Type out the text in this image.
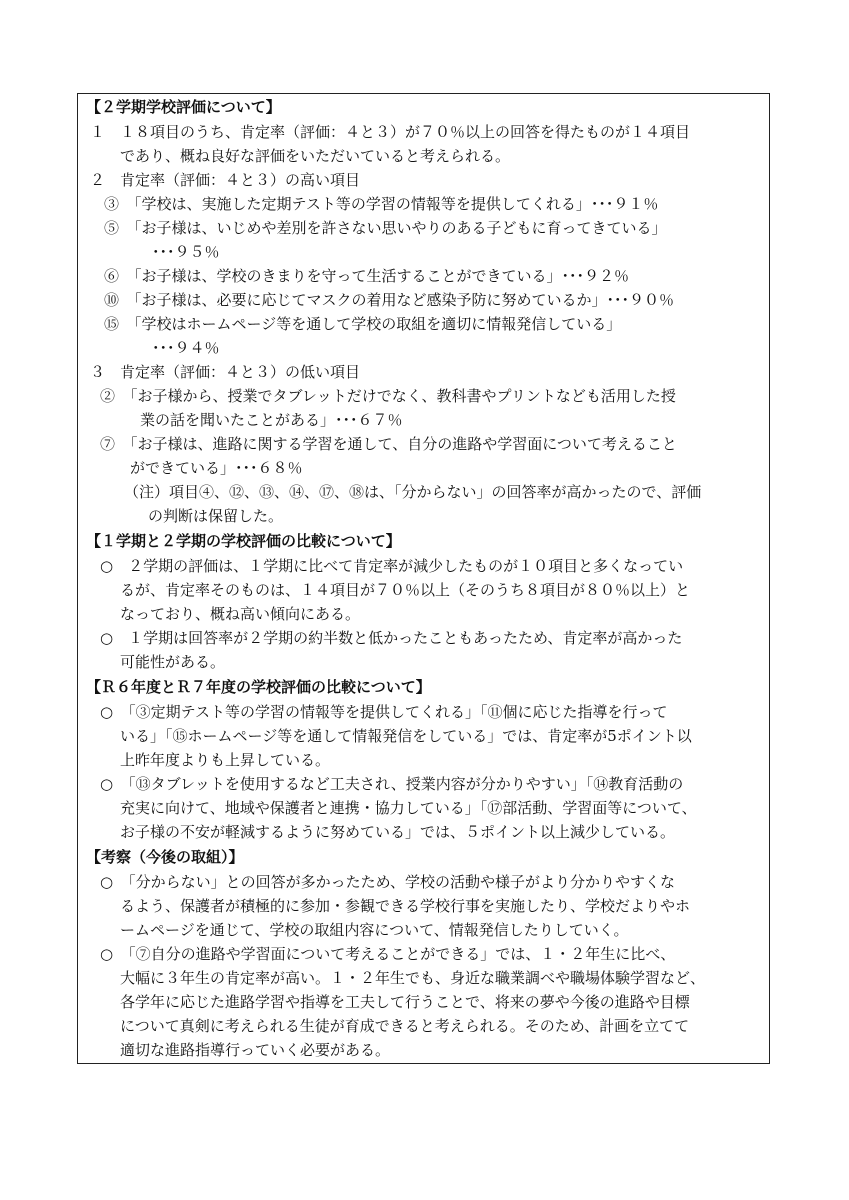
【２学期学校評価について】
１　１８項目のうち、肯定率（評価：４と３）が７０％以上の回答を得たものが１４項目
であり、概ね良好な評価をいただいていると考えられる。
２　肯定率（評価：４と３）の高い項目
③　「学校は、実施した定期テスト等の学習の情報等を提供してくれる」･･･９１％
⑤　「お子様は、いじめや差別を許さない思いやりのある子どもに育ってきている」
･･･９５％
⑥　「お子様は、学校のきまりを守って生活することができている」･･･９２％
⑩　「お子様は、必要に応じてマスクの着用など感染予防に努めているか」･･･９０％
⑮　「学校はホームページ等を通して学校の取組を適切に情報発信している」
･･･９４％
３　肯定率（評価：４と３）の低い項目
②　「お子様から、授業でタブレットだけでなく、教科書やプリントなども活用した授
業の話を聞いたことがある」･･･６７％
⑦　「お子様は、進路に関する学習を通して、自分の進路や学習面について考えること
ができている」･･･６８％
（注）項目④、⑫、⑬、⑭、⑰、⑱は、「分からない」の回答率が高かったので、評価
の判断は保留した。
【１学期と２学期の学校評価の比較について】
○　２学期の評価は、１学期に比べて肯定率が減少したものが１０項目と多くなってい
るが、肯定率そのものは、１４項目が７０％以上（そのうち８項目が８０％以上）と
なっており、概ね高い傾向にある。
○　１学期は回答率が２学期の約半数と低かったこともあったため、肯定率が高かった
可能性がある。
【Ｒ６年度とＲ７年度の学校評価の比較について】
○　「③定期テスト等の学習の情報等を提供してくれる」「⑪個に応じた指導を行って
いる」「⑮ホームページ等を通して情報発信をしている」では、肯定率が5ポイント以
上昨年度よりも上昇している。
○　「⑬タブレットを使用するなど工夫され、授業内容が分かりやすい」「⑭教育活動の
充実に向けて、地域や保護者と連携・協力している」「⑰部活動、学習面等について、
お子様の不安が軽減するように努めている」では、５ポイント以上減少している。
【考察（今後の取組）】
○　「分からない」との回答が多かったため、学校の活動や様子がより分かりやすくな
るよう、保護者が積極的に参加・参観できる学校行事を実施したり、学校だよりやホ
ームページを通じて、学校の取組内容について、情報発信したりしていく。
○　「⑦自分の進路や学習面について考えることができる」では、１・２年生に比べ、
大幅に３年生の肯定率が高い。１・２年生でも、身近な職業調べや職場体験学習など、
各学年に応じた進路学習や指導を工夫して行うことで、将来の夢や今後の進路や目標
について真剣に考えられる生徒が育成できると考えられる。そのため、計画を立てて
適切な進路指導行っていく必要がある。
